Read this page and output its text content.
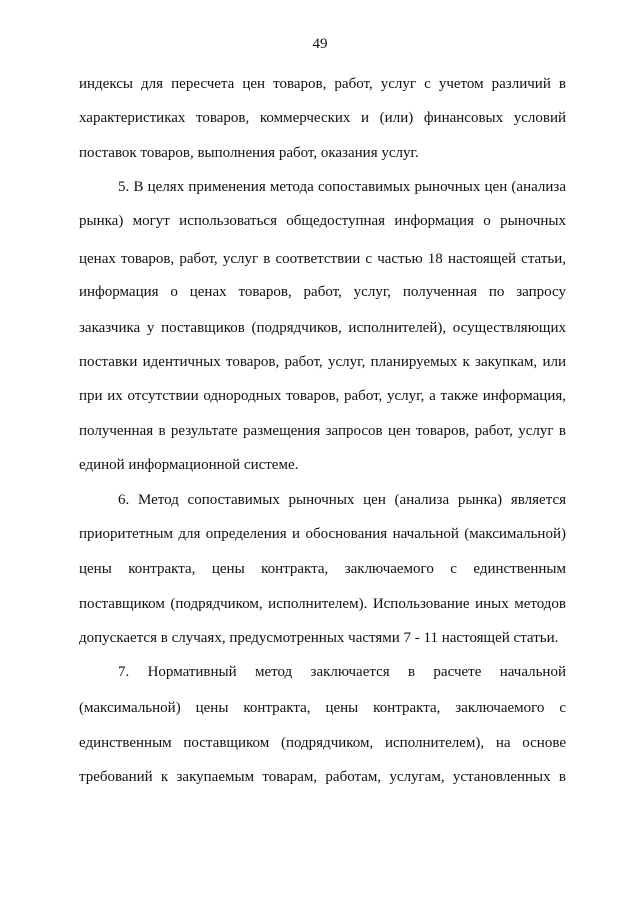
49
индексы для пересчета цен товаров, работ, услуг с учетом различий в
характеристиках товаров, коммерческих и (или) финансовых условий
поставок товаров, выполнения работ, оказания услуг.
5. В целях применения метода сопоставимых рыночных цен (анализа
рынка) могут использоваться общедоступная информация о рыночных
ценах товаров, работ, услуг в соответствии с частью 18 настоящей статьи,
информация о ценах товаров, работ, услуг, полученная по запросу
заказчика у поставщиков (подрядчиков, исполнителей), осуществляющих
поставки идентичных товаров, работ, услуг, планируемых к закупкам, или
при их отсутствии однородных товаров, работ, услуг, а также информация,
полученная в результате размещения запросов цен товаров, работ, услуг в
единой информационной системе.
6. Метод сопоставимых рыночных цен (анализа рынка) является
приоритетным для определения и обоснования начальной (максимальной)
цены контракта, цены контракта, заключаемого с единственным
поставщиком (подрядчиком, исполнителем). Использование иных методов
допускается в случаях, предусмотренных частями 7 - 11 настоящей статьи.
7. Нормативный метод заключается в расчете начальной
(максимальной) цены контракта, цены контракта, заключаемого с
единственным поставщиком (подрядчиком, исполнителем), на основе
требований к закупаемым товарам, работам, услугам, установленных в
